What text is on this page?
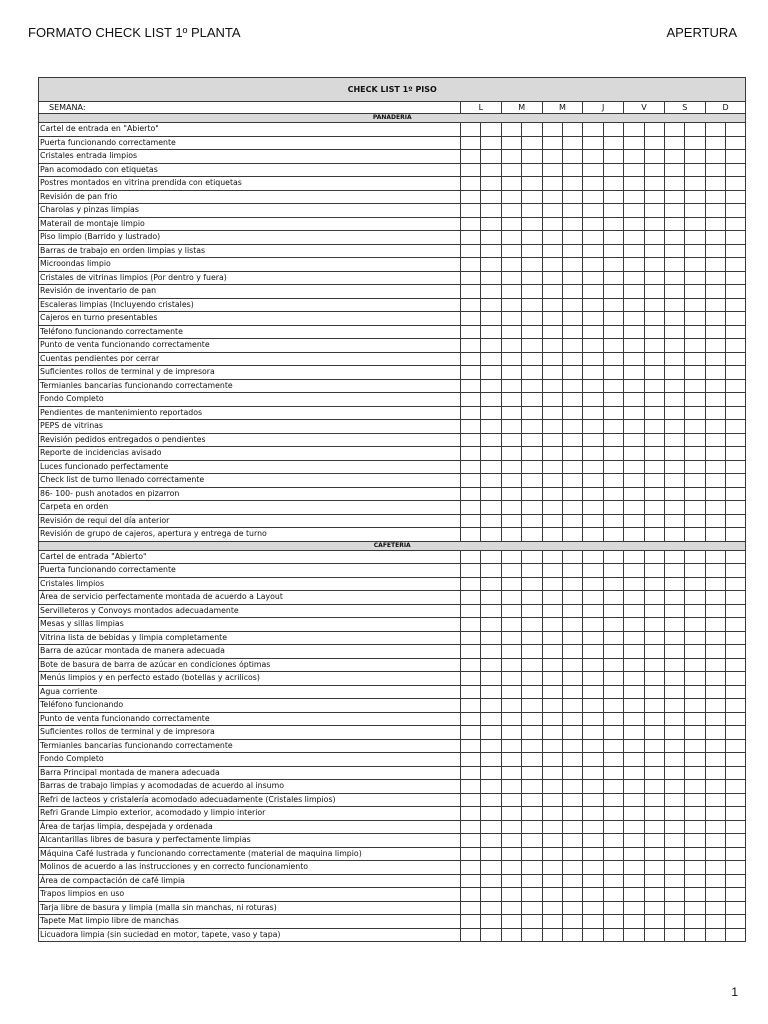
FORMATO CHECK LIST 1º PLANTA	APERTURA
CHECK LIST 1º PISO														
SEMANA:	L		M		M		J		V		S		D	
PANADERIA														
Cartel de entrada en "Abierto"														
Puerta funcionando correctamente														
Cristales entrada limpios														
Pan acomodado con etiquetas														
Postres montados en vitrina prendida con etiquetas														
Revisión de pan frio														
Charolas y pinzas limpias														
Materail de montaje limpio														
Piso limpio (Barrido y lustrado)														
Barras de trabajo en orden limpias y listas														
Microondas limpio														
Cristales de vitrinas limpios (Por dentro y fuera)														
Revisión de inventario de pan														
Escaleras limpias (Incluyendo cristales)														
Cajeros en turno presentables														
Teléfono funcionando correctamente														
Punto de venta funcionando correctamente														
Cuentas pendientes por cerrar														
Suficientes rollos de terminal y de impresora														
Termianles bancarias funcionando correctamente														
Fondo Completo														
Pendientes de mantenimiento reportados														
PEPS de vitrinas														
Revisión pedidos entregados o pendientes														
Reporte de incidencias avisado														
Luces funcionado perfectamente														
Check list de turno llenado correctamente														
86- 100- push anotados en pizarron														
Carpeta en orden														
Revisión de requi del día anterior														
Revisión de grupo de cajeros, apertura y entrega de turno														
CAFETERÍA														
Cartel de entrada "Abierto"														
Puerta funcionando correctamente														
Cristales limpios														
Área de servicio perfectamente montada de acuerdo a Layout														
Servilleteros y Convoys montados adecuadamente														
Mesas y sillas limpias														
Vitrina lista de bebidas y limpia completamente														
Barra de azúcar montada de manera adecuada														
Bote de basura de barra de azúcar en condiciones óptimas														
Menús limpios y en perfecto estado (botellas y acrilicos)														
Agua corriente														
Teléfono funcionando														
Punto de venta funcionando correctamente														
Suficientes rollos de terminal y de impresora														
Termianles bancarias funcionando correctamente														
Fondo Completo														
Barra Principal montada de manera adecuada														
Barras de trabajo limpias y acomodadas de acuerdo al insumo														
Refri de lacteos y cristalería acomodado adecuadamente (Cristales limpios)														
Refri Grande Limpio exterior, acomodado y limpio interior														
Área de tarjas limpia, despejada y ordenada														
Alcantarillas libres de basura y perfectamente limpias														
Máquina Café lustrada y funcionando correctamente (material de maquina limpio)														
Molinos de acuerdo a las instrucciones y en correcto funcionamiento														
Área de compactación de café limpia														
Trapos limpios en uso														
Tarja libre de basura y limpia (malla sin manchas, ni roturas)														
Tapete Mat limpio libre de manchas														
Licuadora limpia (sin suciedad en motor, tapete, vaso y tapa)														
1
